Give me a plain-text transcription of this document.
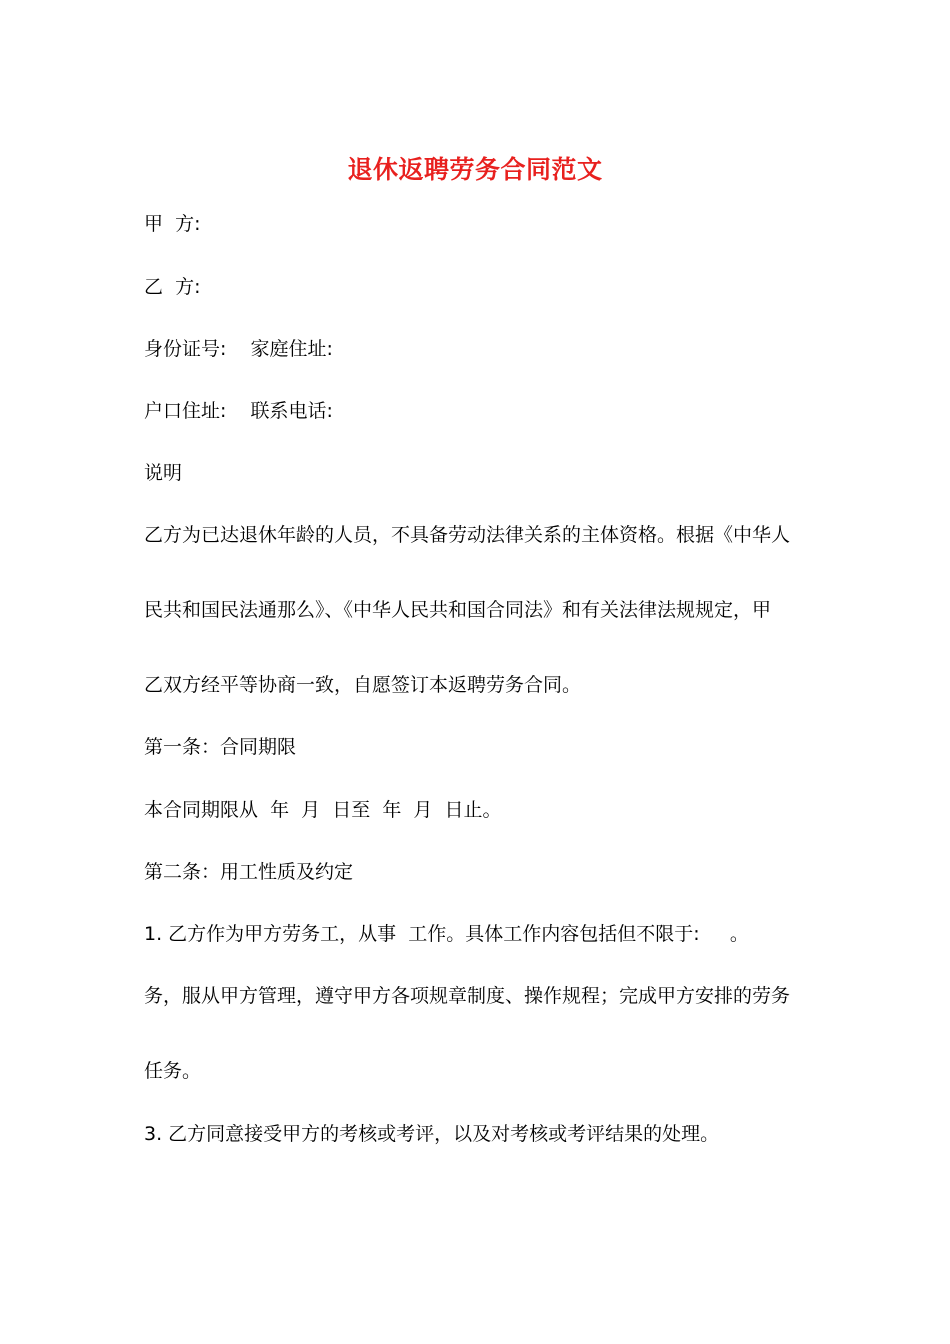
退休返聘劳务合同范文
甲  方:
乙  方:
身份证号:    家庭住址:
户口住址:    联系电话:
说明
乙方为已达退休年龄的人员，不具备劳动法律关系的主体资格。根据《中华人
民共和国民法通那么》、《中华人民共和国合同法》和有关法律法规规定，甲
乙双方经平等协商一致，自愿签订本返聘劳务合同。
第一条：合同期限
本合同期限从  年  月  日至  年  月  日止。
第二条：用工性质及约定
1. 乙方作为甲方劳务工，从事  工作。具体工作内容包括但不限于:     。
务，服从甲方管理，遵守甲方各项规章制度、操作规程；完成甲方安排的劳务
任务。
3. 乙方同意接受甲方的考核或考评，以及对考核或考评结果的处理。
